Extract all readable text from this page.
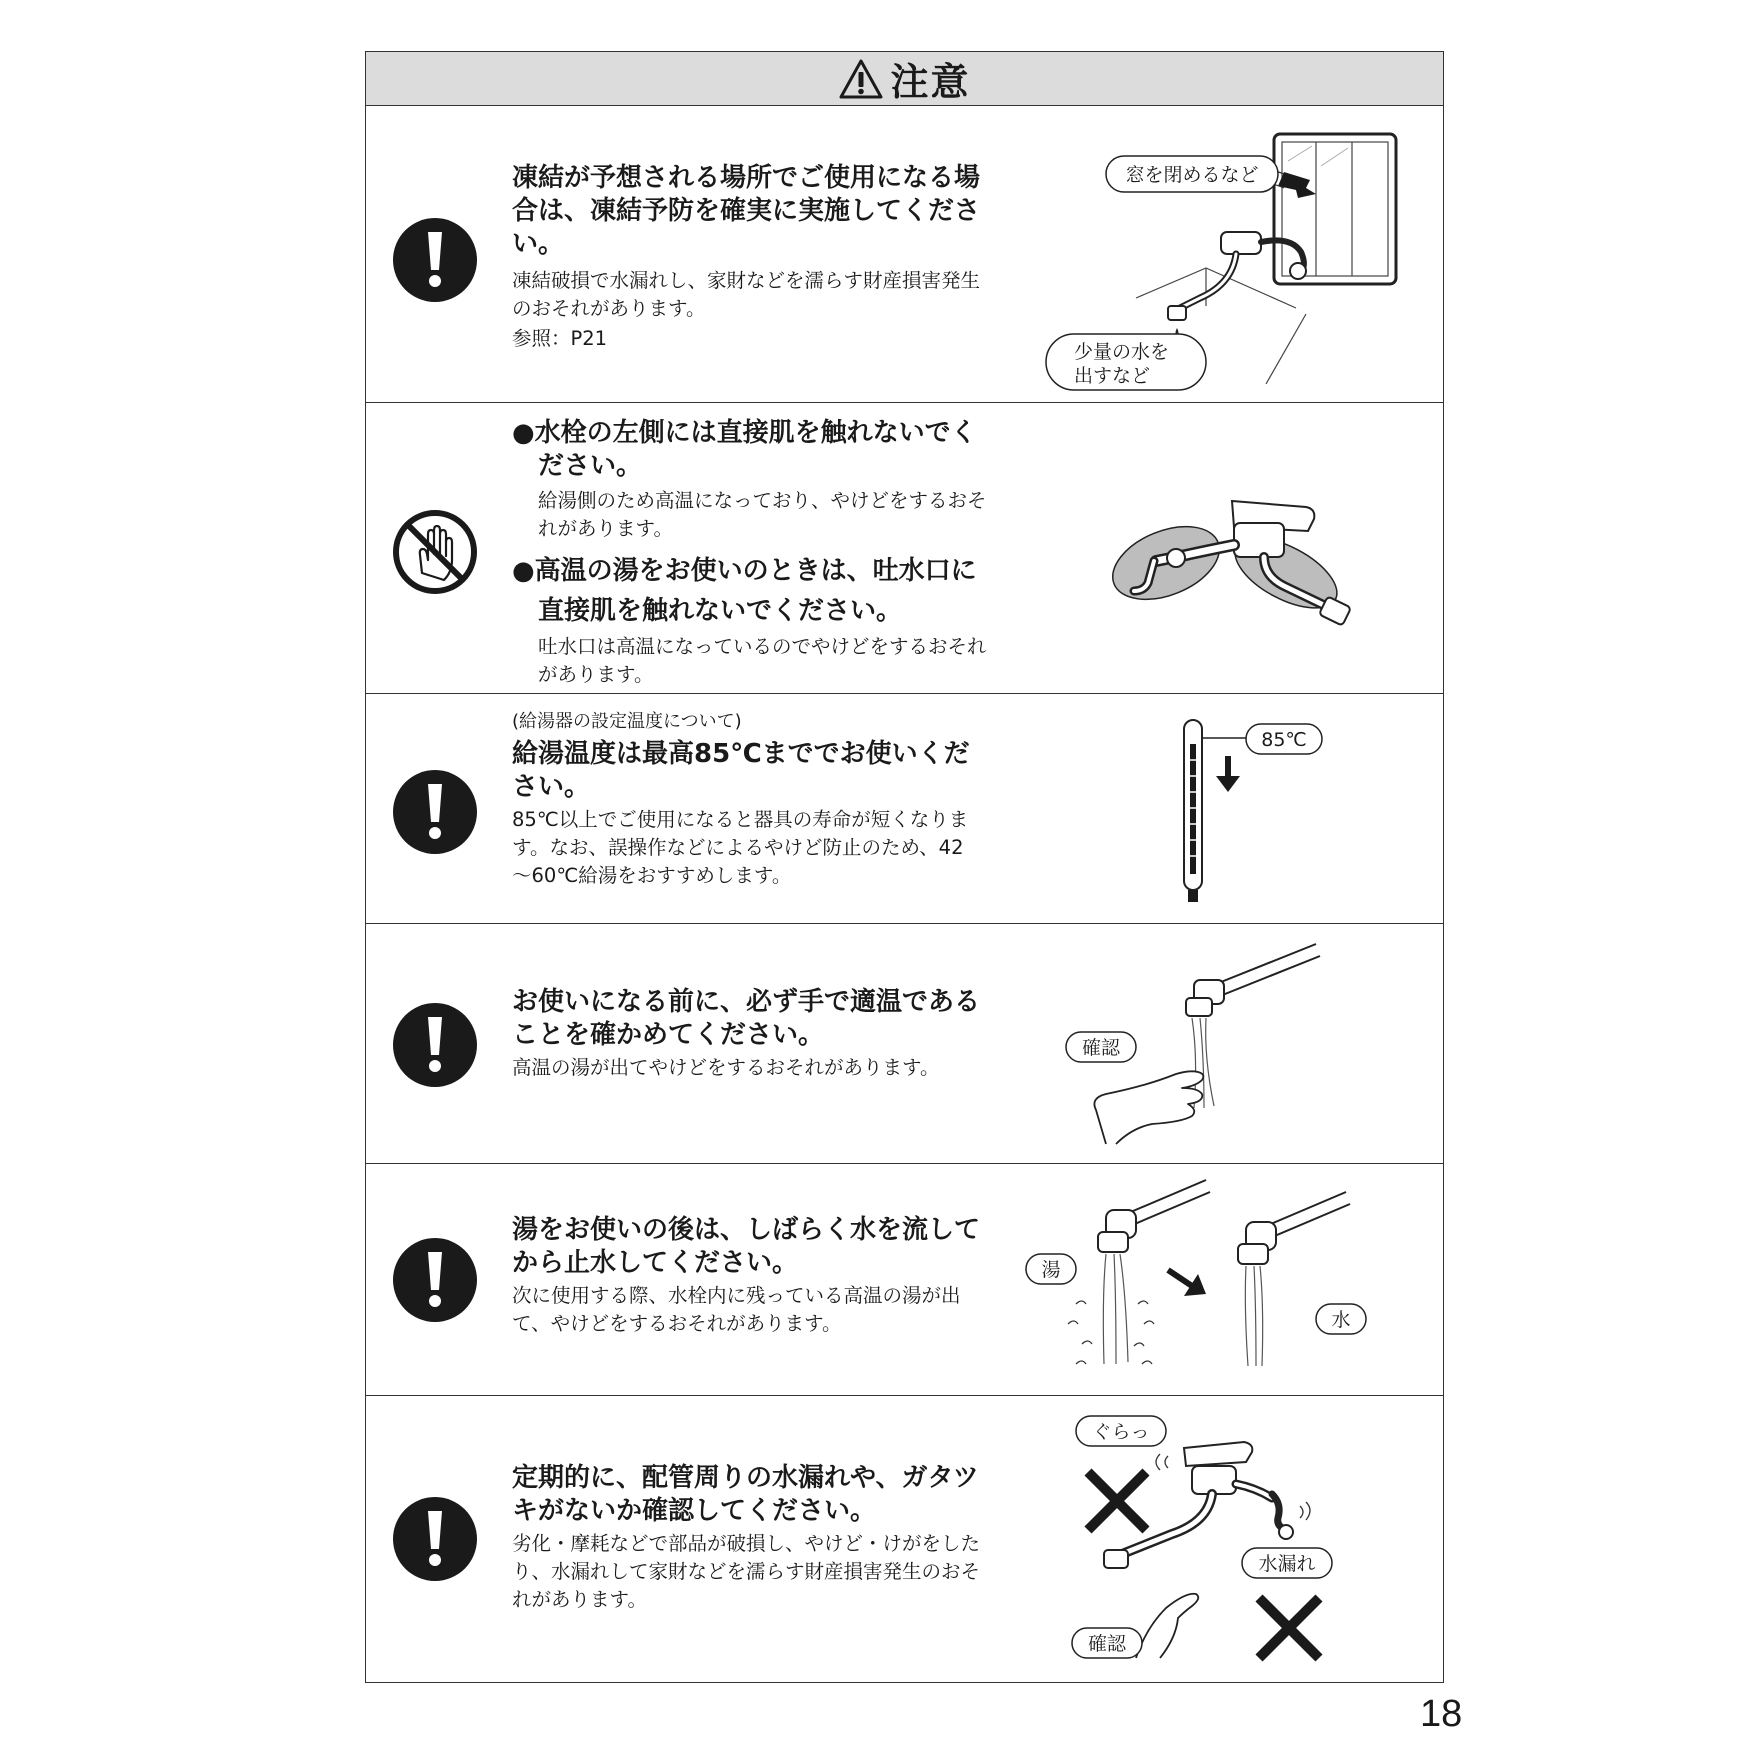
注意

凍結が予想される場所でご使用になる場合は、凍結予防を確実に実施してください。

凍結破損で水漏れし、家財などを濡らす財産損害発生のおそれがあります。

参照：P21

窓を閉めるなど
少量の水を
出すなど

●水栓の左側には直接肌を触れないでください。

給湯側のため高温になっており、やけどをするおそれがあります。

●高温の湯をお使いのときは、吐水口に直接肌を触れないでください。

吐水口は高温になっているのでやけどをするおそれがあります。

(給湯器の設定温度について)

給湯温度は最高85℃まででお使いください。

85℃以上でご使用になると器具の寿命が短くなります。なお、誤操作などによるやけど防止のため、42～60℃給湯をおすすめします。

85℃

お使いになる前に、必ず手で適温であることを確かめてください。

高温の湯が出てやけどをするおそれがあります。

確認

湯をお使いの後は、しばらく水を流してから止水してください。

次に使用する際、水栓内に残っている高温の湯が出て、やけどをするおそれがあります。

湯
水

定期的に、配管周りの水漏れや、ガタツキがないか確認してください。

劣化・摩耗などで部品が破損し、やけど・けがをしたり、水漏れして家財などを濡らす財産損害発生のおそれがあります。

ぐらっ
水漏れ
確認
18
